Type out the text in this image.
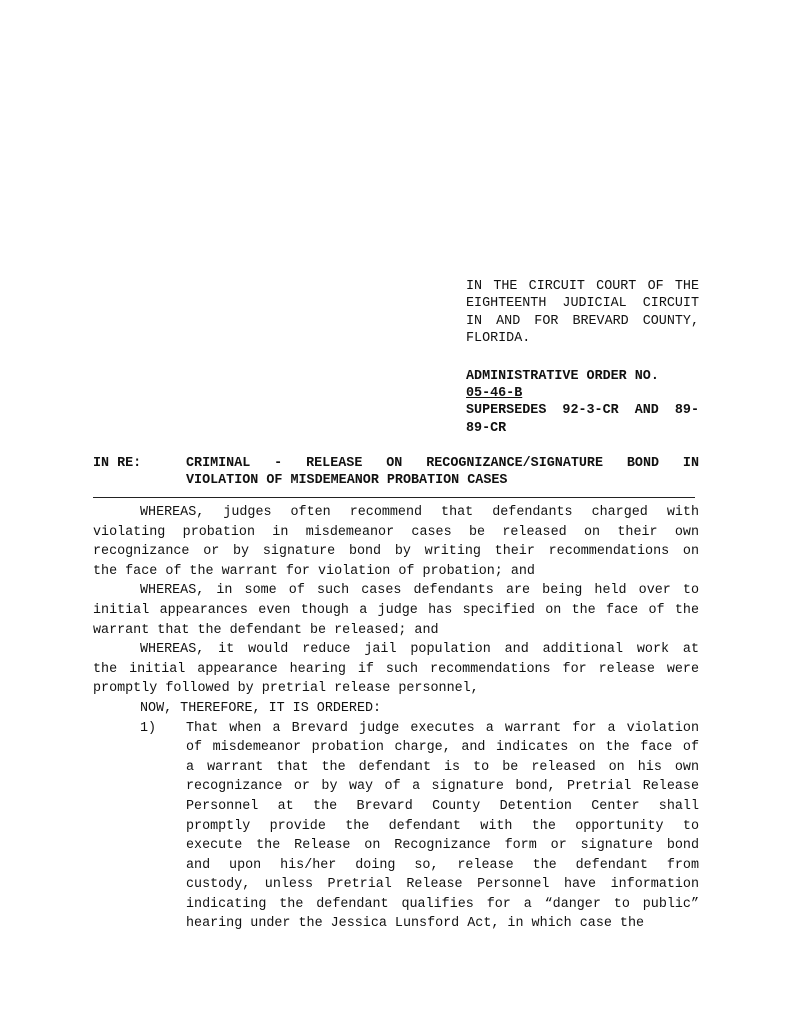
IN THE CIRCUIT COURT OF THE
EIGHTEENTH JUDICIAL CIRCUIT
IN AND FOR BREVARD COUNTY,
FLORIDA.
ADMINISTRATIVE ORDER NO.
05-46-B
SUPERSEDES 92-3-CR AND 89-
89-CR
IN RE:	CRIMINAL - RELEASE ON RECOGNIZANCE/SIGNATURE BOND IN
VIOLATION OF MISDEMEANOR PROBATION CASES
WHEREAS, judges often recommend that defendants charged with
violating probation in misdemeanor cases be released on their own
recognizance or by signature bond by writing their recommendations on
the face of the warrant for violation of probation; and
WHEREAS, in some of such cases defendants are being held over to
initial appearances even though a judge has specified on the face of the
warrant that the defendant be released; and
WHEREAS, it would reduce jail population and additional work at
the initial appearance hearing if such recommendations for release were
promptly followed by pretrial release personnel,
NOW, THEREFORE, IT IS ORDERED:
1) That when a Brevard judge executes a warrant for a violation
of misdemeanor probation charge, and indicates on the face of
a warrant that the defendant is to be released on his own
recognizance or by way of a signature bond, Pretrial Release
Personnel at the Brevard County Detention Center shall
promptly provide the defendant with the opportunity to
execute the Release on Recognizance form or signature bond
and upon his/her doing so, release the defendant from
custody, unless Pretrial Release Personnel have information
indicating the defendant qualifies for a “danger to public”
hearing under the Jessica Lunsford Act, in which case the
